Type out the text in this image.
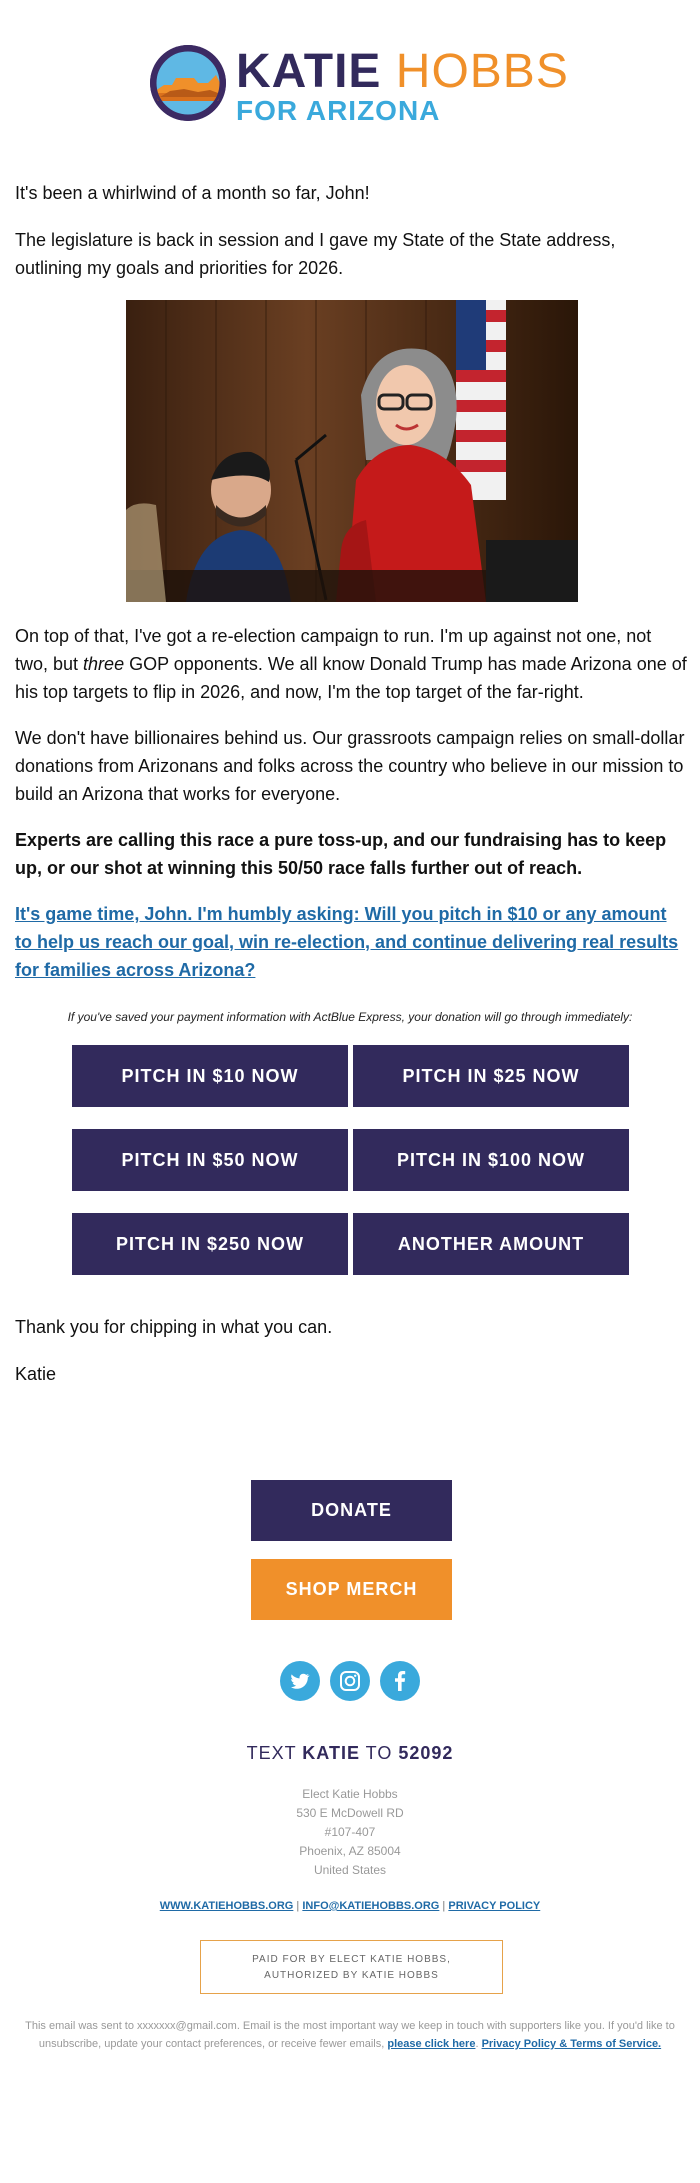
KATIE HOBBS
FOR ARIZONA
It's been a whirlwind of a month so far, John!
The legislature is back in session and I gave my State of the State address, outlining my goals and priorities for 2026.
On top of that, I've got a re-election campaign to run. I'm up against not one, not two, but three GOP opponents. We all know Donald Trump has made Arizona one of his top targets to flip in 2026, and now, I'm the top target of the far-right.
We don't have billionaires behind us. Our grassroots campaign relies on small-dollar donations from Arizonans and folks across the country who believe in our mission to build an Arizona that works for everyone.
Experts are calling this race a pure toss-up, and our fundraising has to keep up, or our shot at winning this 50/50 race falls further out of reach.
It's game time, John. I'm humbly asking: Will you pitch in $10 or any amount to help us reach our goal, win re-election, and continue delivering real results for families across Arizona?
If you've saved your payment information with ActBlue Express, your donation will go through immediately:
PITCH IN $10 NOW	PITCH IN $25 NOW
PITCH IN $50 NOW	PITCH IN $100 NOW
PITCH IN $250 NOW	ANOTHER AMOUNT
Thank you for chipping in what you can.
Katie
DONATE
SHOP MERCH
TEXT KATIE TO 52092
Elect Katie Hobbs
530 E McDowell RD
#107-407
Phoenix, AZ 85004
United States
WWW.KATIEHOBBS.ORG | INFO@KATIEHOBBS.ORG | PRIVACY POLICY
PAID FOR BY ELECT KATIE HOBBS,
AUTHORIZED BY KATIE HOBBS
This email was sent to xxxxxxx@gmail.com. Email is the most important way we keep in touch with supporters like you. If you'd like to unsubscribe, update your contact preferences, or receive fewer emails, please click here. Privacy Policy & Terms of Service.
